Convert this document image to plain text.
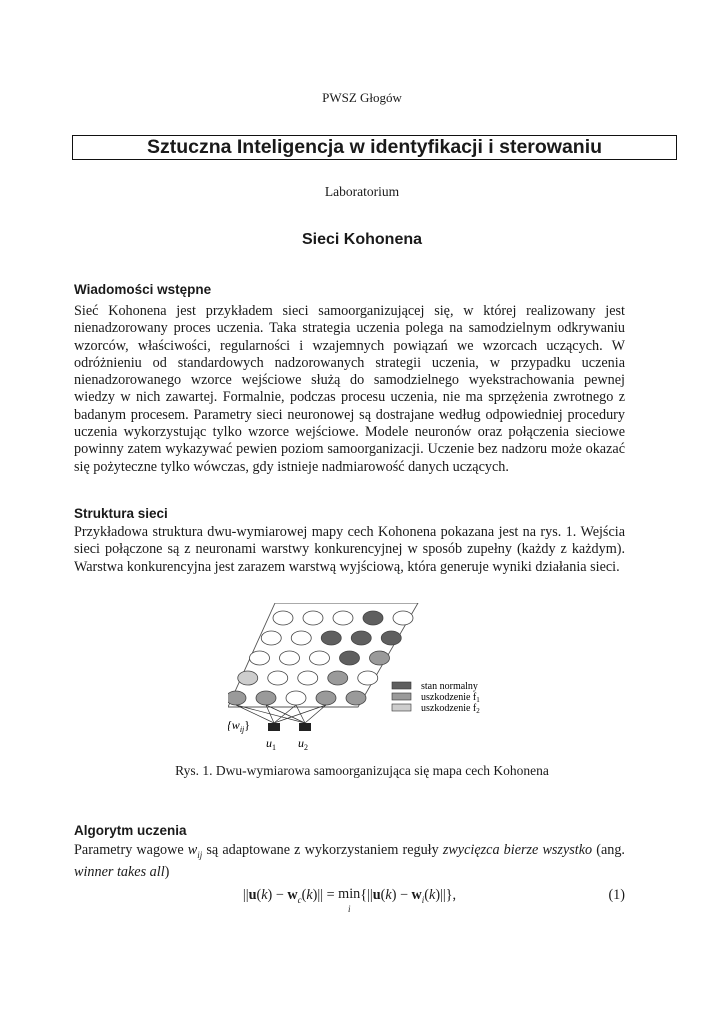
PWSZ Głogów
Sztuczna Inteligencja w identyfikacji i sterowaniu
Laboratorium
Sieci Kohonena
Wiadomości wstępne
Sieć Kohonena jest przykładem sieci samoorganizującej się, w której realizowany jest nienadzorowany proces uczenia. Taka strategia uczenia polega na samodzielnym odkrywaniu wzorców, właściwości, regularności i wzajemnych powiązań we wzorcach uczących. W odróżnieniu od standardowych nadzorowanych strategii uczenia, w przypadku uczenia nienadzorowanego wzorce wejściowe służą do samodzielnego wyekstrachowania pewnej wiedzy w nich zawartej. Formalnie, podczas procesu uczenia, nie ma sprzężenia zwrotnego z badanym procesem. Parametry sieci neuronowej są dostrajane według odpowiedniej procedury uczenia wykorzystując tylko wzorce wejściowe. Modele neuronów oraz połączenia sieciowe powinny zatem wykazywać pewien poziom samoorganizacji. Uczenie bez nadzoru może okazać się pożyteczne tylko wówczas, gdy istnieje nadmiarowość danych uczących.
Struktura sieci
Przykładowa struktura dwu-wymiarowej mapy cech Kohonena pokazana jest na rys. 1. Wejścia sieci połączone są z neuronami warstwy konkurencyjnej w sposób zupełny (każdy z każdym). Warstwa konkurencyjna jest zarazem warstwą wyjściową, która generuje wyniki działania sieci.
$\{w_{ij}\}$
$u_1$ $u_2$
stan normalny
uszkodzenie $f_1$
uszkodzenie $f_2$
Rys. 1. Dwu-wymiarowa samoorganizująca się mapa cech Kohonena
Algorytm uczenia
Parametry wagowe $w_{ij}$ są adaptowane z wykorzystaniem reguły zwycięzca bierze wszystko (ang. winner takes all)
$||u(k) - w_c(k)|| = \min$
$i\{||u(k) - w_i(k)||\}$,	(1)
